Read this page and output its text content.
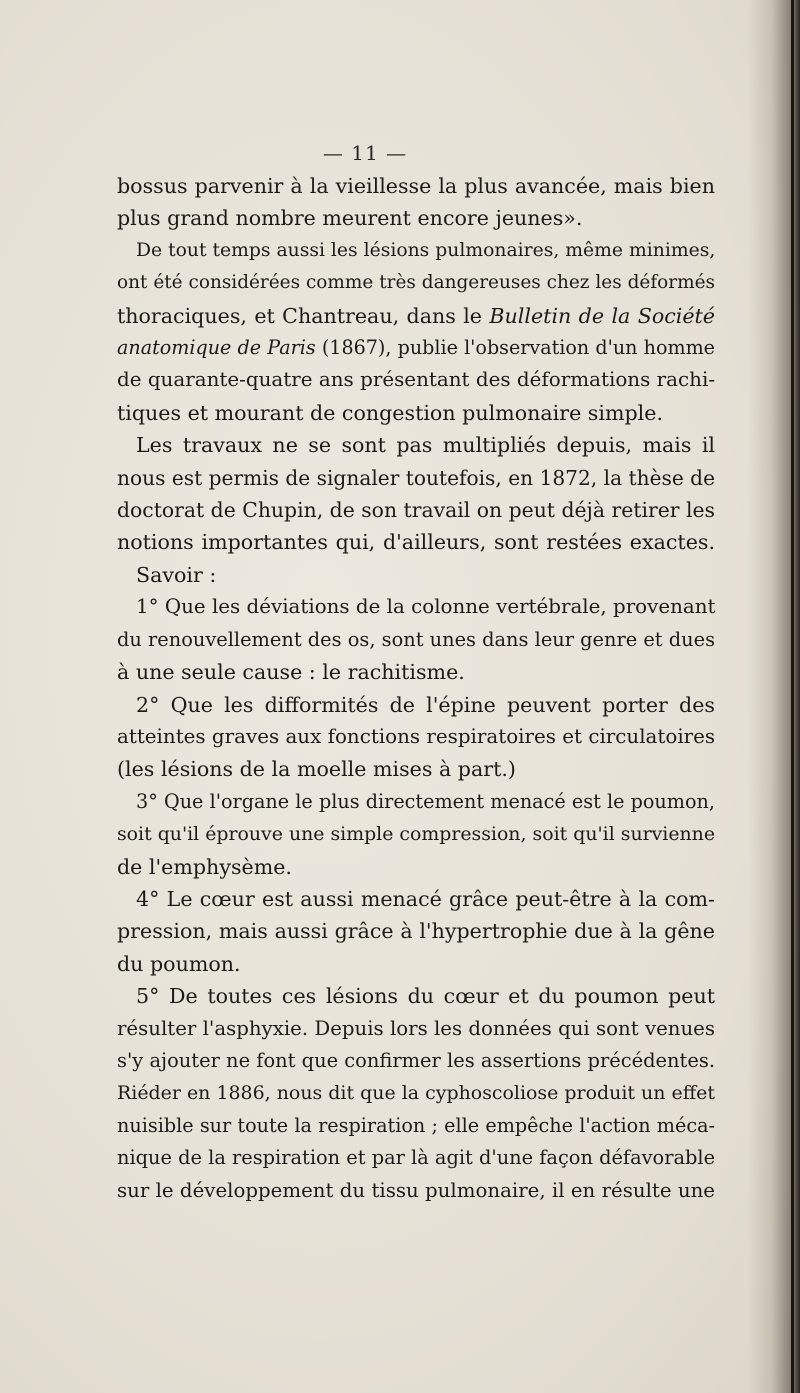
— 11 —
bossus parvenir à la vieillesse la plus avancée, mais bien
plus grand nombre meurent encore jeunes».
De tout temps aussi les lésions pulmonaires, même minimes,
ont été considérées comme très dangereuses chez les déformés
thoraciques, et Chantreau, dans le Bulletin de la Société
anatomique de Paris (1867), publie l'observation d'un homme
de quarante-quatre ans présentant des déformations rachi-
tiques et mourant de congestion pulmonaire simple.
Les travaux ne se sont pas multipliés depuis, mais il
nous est permis de signaler toutefois, en 1872, la thèse de
doctorat de Chupin, de son travail on peut déjà retirer les
notions importantes qui, d'ailleurs, sont restées exactes.
Savoir :
1° Que les déviations de la colonne vertébrale, provenant
du renouvellement des os, sont unes dans leur genre et dues
à une seule cause : le rachitisme.
2° Que les difformités de l'épine peuvent porter des
atteintes graves aux fonctions respiratoires et circulatoires
(les lésions de la moelle mises à part.)
3° Que l'organe le plus directement menacé est le poumon,
soit qu'il éprouve une simple compression, soit qu'il survienne
de l'emphysème.
4° Le cœur est aussi menacé grâce peut-être à la com-
pression, mais aussi grâce à l'hypertrophie due à la gêne
du poumon.
5° De toutes ces lésions du cœur et du poumon peut
résulter l'asphyxie. Depuis lors les données qui sont venues
s'y ajouter ne font que confirmer les assertions précédentes.
Riéder en 1886, nous dit que la cyphoscoliose produit un effet
nuisible sur toute la respiration ; elle empêche l'action méca-
nique de la respiration et par là agit d'une façon défavorable
sur le développement du tissu pulmonaire, il en résulte une
